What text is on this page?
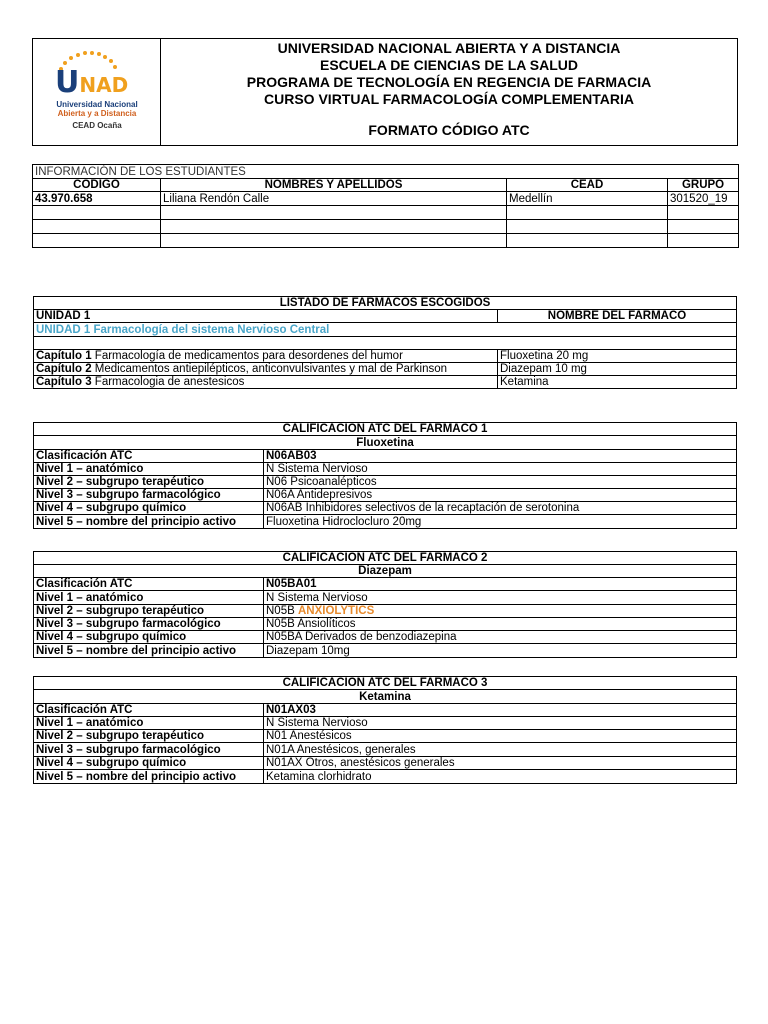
UNAD
Universidad Nacional
Abierta y a Distancia
CEAD Ocaña
UNIVERSIDAD NACIONAL ABIERTA Y A DISTANCIA
ESCUELA DE CIENCIAS DE LA SALUD
PROGRAMA DE TECNOLOGÍA EN REGENCIA DE FARMACIA
CURSO VIRTUAL FARMACOLOGÍA COMPLEMENTARIA
FORMATO CÓDIGO ATC
INFORMACIÓN DE LOS ESTUDIANTES			
CODIGO	NOMBRES Y APELLIDOS	CEAD	GRUPO
43.970.658	Liliana Rendón Calle	Medellín	301520_19

LISTADO DE FARMACOS ESCOGIDOS	
UNIDAD 1	NOMBRE DEL FARMACO
UNIDAD 1 Farmacología del sistema Nervioso Central	

Capítulo 1 Farmacología de medicamentos para desordenes del humor	Fluoxetina 20 mg
Capítulo 2 Medicamentos antiepilépticos, anticonvulsivantes y mal de Parkinson	Diazepam 10 mg
Capítulo 3 Farmacologia de anestesicos	Ketamina
CALIFICACIÓN ATC DEL FARMACO 1	
Fluoxetina	
Clasificación ATC	N06AB03
Nivel 1 – anatómico	N Sistema Nervioso
Nivel 2 – subgrupo terapéutico	N06 Psicoanalépticos
Nivel 3 – subgrupo farmacológico	N06A Antidepresivos
Nivel 4 – subgrupo químico	N06AB Inhibidores selectivos de la recaptación de serotonina
Nivel 5 – nombre del principio activo	Fluoxetina Hidroclocluro 20mg
CALIFICACIÓN ATC DEL FARMACO 2	
Diazepam	
Clasificación ATC	N05BA01
Nivel 1 – anatómico	N Sistema Nervioso
Nivel 2 – subgrupo terapéutico	N05B ANXIOLYTICS
Nivel 3 – subgrupo farmacológico	N05B Ansiolíticos
Nivel 4 – subgrupo químico	N05BA Derivados de benzodiazepina
Nivel 5 – nombre del principio activo	Diazepam 10mg
CALIFICACIÓN ATC DEL FARMACO 3	
Ketamina	
Clasificación ATC	N01AX03
Nivel 1 – anatómico	N Sistema Nervioso
Nivel 2 – subgrupo terapéutico	N01 Anestésicos
Nivel 3 – subgrupo farmacológico	N01A Anestésicos, generales
Nivel 4 – subgrupo químico	N01AX Otros, anestésicos generales
Nivel 5 – nombre del principio activo	Ketamina clorhidrato
